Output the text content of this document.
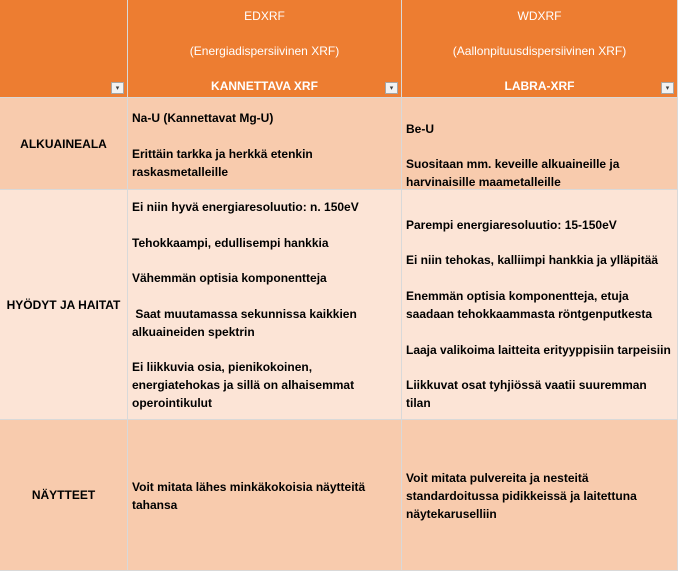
▾
EDXRF
(Energiadispersiivinen XRF)
KANNETTAVA XRF	▾
WDXRF
(Aallonpituusdispersiivinen XRF)
LABRA-XRF	▾
ALKUAINEALA

Na-U (Kannettavat Mg-U)

Erittäin tarkka ja herkkä etenkin

raskasmetalleille

Be-U

Suositaan mm. keveille alkuaineille ja

harvinaisille maametalleille

HYÖDYT JA HAITAT

Ei niin hyvä energiaresoluutio: n. 150eV

Tehokkaampi, edullisempi hankkia

Vähemmän optisia komponentteja

Saat muutamassa sekunnissa kaikkien

alkuaineiden spektrin

Ei liikkuvia osia, pienikokoinen,

energiatehokas ja sillä on alhaisemmat

operointikulut

Parempi energiaresoluutio: 15-150eV

Ei niin tehokas, kalliimpi hankkia ja ylläpitää

Enemmän optisia komponentteja, etuja

saadaan tehokkaammasta röntgenputkesta

Laaja valikoima laitteita erityyppisiin tarpeisiin

Liikkuvat osat tyhjiössä vaatii suuremman tilan

NÄYTTEET

Voit mitata lähes minkäkokoisia näytteitä

tahansa

Voit mitata pulvereita ja nesteitä

standardoitussa pidikkeissä ja laitettuna

näytekaruselliin
